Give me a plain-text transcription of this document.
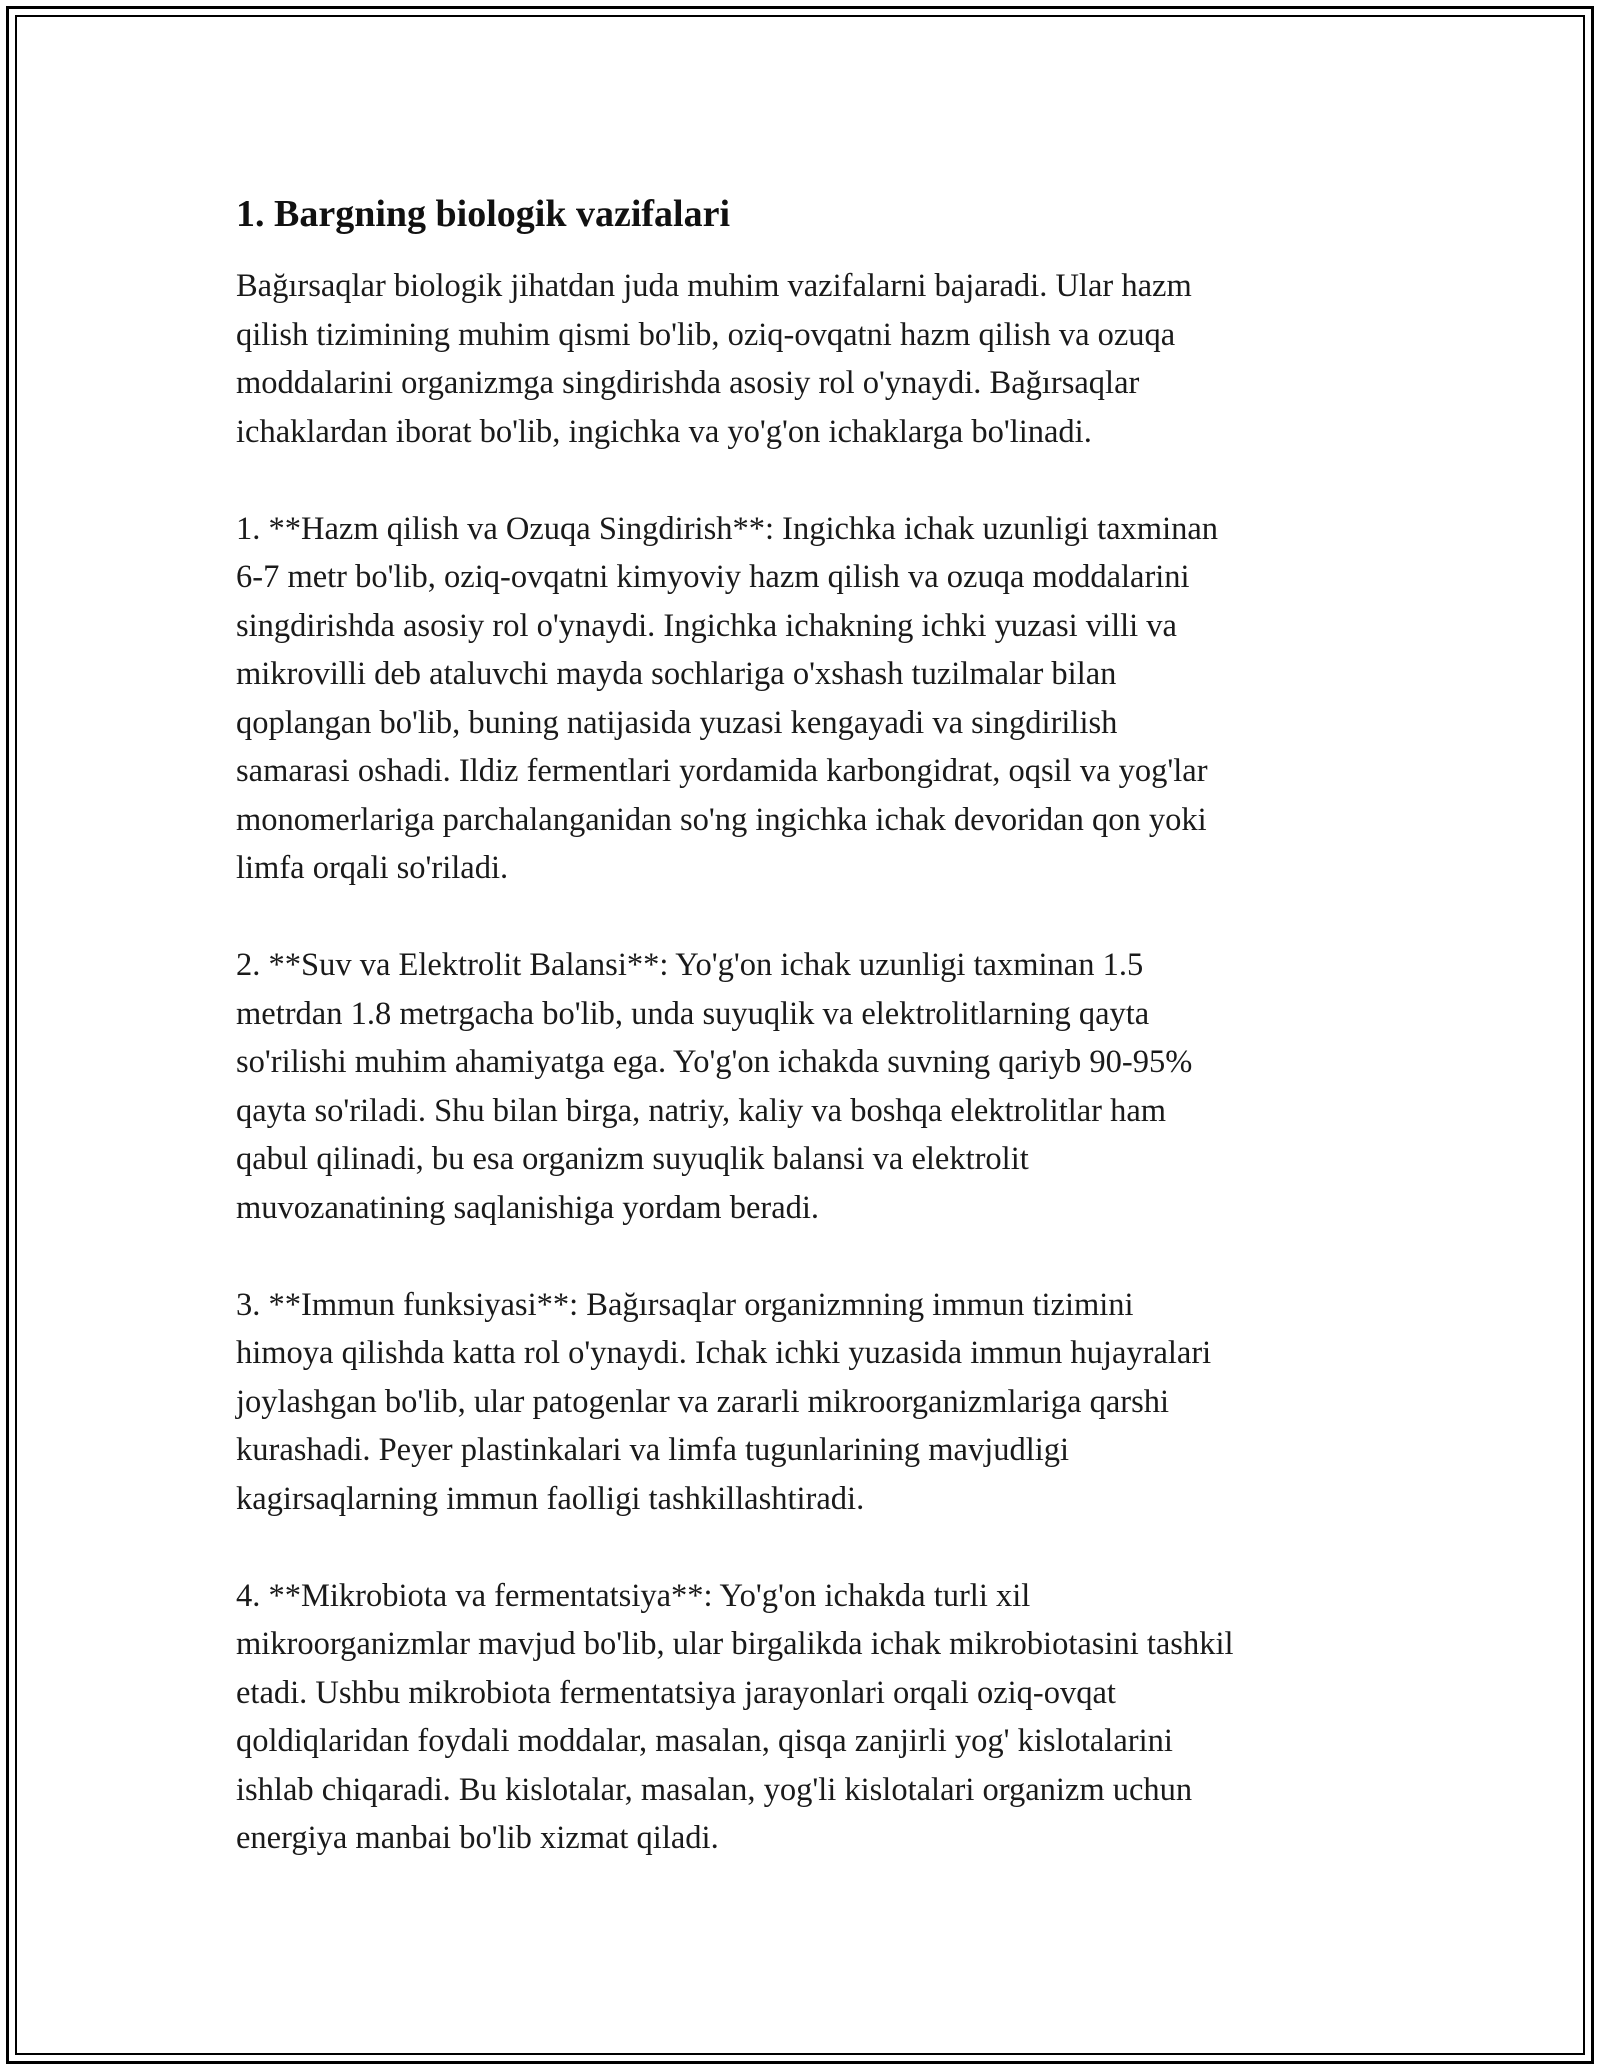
1. Bargning biologik vazifalari
Bağırsaqlar biologik jihatdan juda muhim vazifalarni bajaradi. Ular hazm
qilish tizimining muhim qismi bo'lib, oziq-ovqatni hazm qilish va ozuqa
moddalarini organizmga singdirishda asosiy rol o'ynaydi. Bağırsaqlar
ichaklardan iborat bo'lib, ingichka va yo'g'on ichaklarga bo'linadi.
1. **Hazm qilish va Ozuqa Singdirish**: Ingichka ichak uzunligi taxminan
6-7 metr bo'lib, oziq-ovqatni kimyoviy hazm qilish va ozuqa moddalarini
singdirishda asosiy rol o'ynaydi. Ingichka ichakning ichki yuzasi villi va
mikrovilli deb ataluvchi mayda sochlariga o'xshash tuzilmalar bilan
qoplangan bo'lib, buning natijasida yuzasi kengayadi va singdirilish
samarasi oshadi. Ildiz fermentlari yordamida karbongidrat, oqsil va yog'lar
monomerlariga parchalanganidan so'ng ingichka ichak devoridan qon yoki
limfa orqali so'riladi.
2. **Suv va Elektrolit Balansi**: Yo'g'on ichak uzunligi taxminan 1.5
metrdan 1.8 metrgacha bo'lib, unda suyuqlik va elektrolitlarning qayta
so'rilishi muhim ahamiyatga ega. Yo'g'on ichakda suvning qariyb 90-95%
qayta so'riladi. Shu bilan birga, natriy, kaliy va boshqa elektrolitlar ham
qabul qilinadi, bu esa organizm suyuqlik balansi va elektrolit
muvozanatining saqlanishiga yordam beradi.
3. **Immun funksiyasi**: Bağırsaqlar organizmning immun tizimini
himoya qilishda katta rol o'ynaydi. Ichak ichki yuzasida immun hujayralari
joylashgan bo'lib, ular patogenlar va zararli mikroorganizmlariga qarshi
kurashadi. Peyer plastinkalari va limfa tugunlarining mavjudligi
kagirsaqlarning immun faolligi tashkillashtiradi.
4. **Mikrobiota va fermentatsiya**: Yo'g'on ichakda turli xil
mikroorganizmlar mavjud bo'lib, ular birgalikda ichak mikrobiotasini tashkil
etadi. Ushbu mikrobiota fermentatsiya jarayonlari orqali oziq-ovqat
qoldiqlaridan foydali moddalar, masalan, qisqa zanjirli yog' kislotalarini
ishlab chiqaradi. Bu kislotalar, masalan, yog'li kislotalari organizm uchun
energiya manbai bo'lib xizmat qiladi.
